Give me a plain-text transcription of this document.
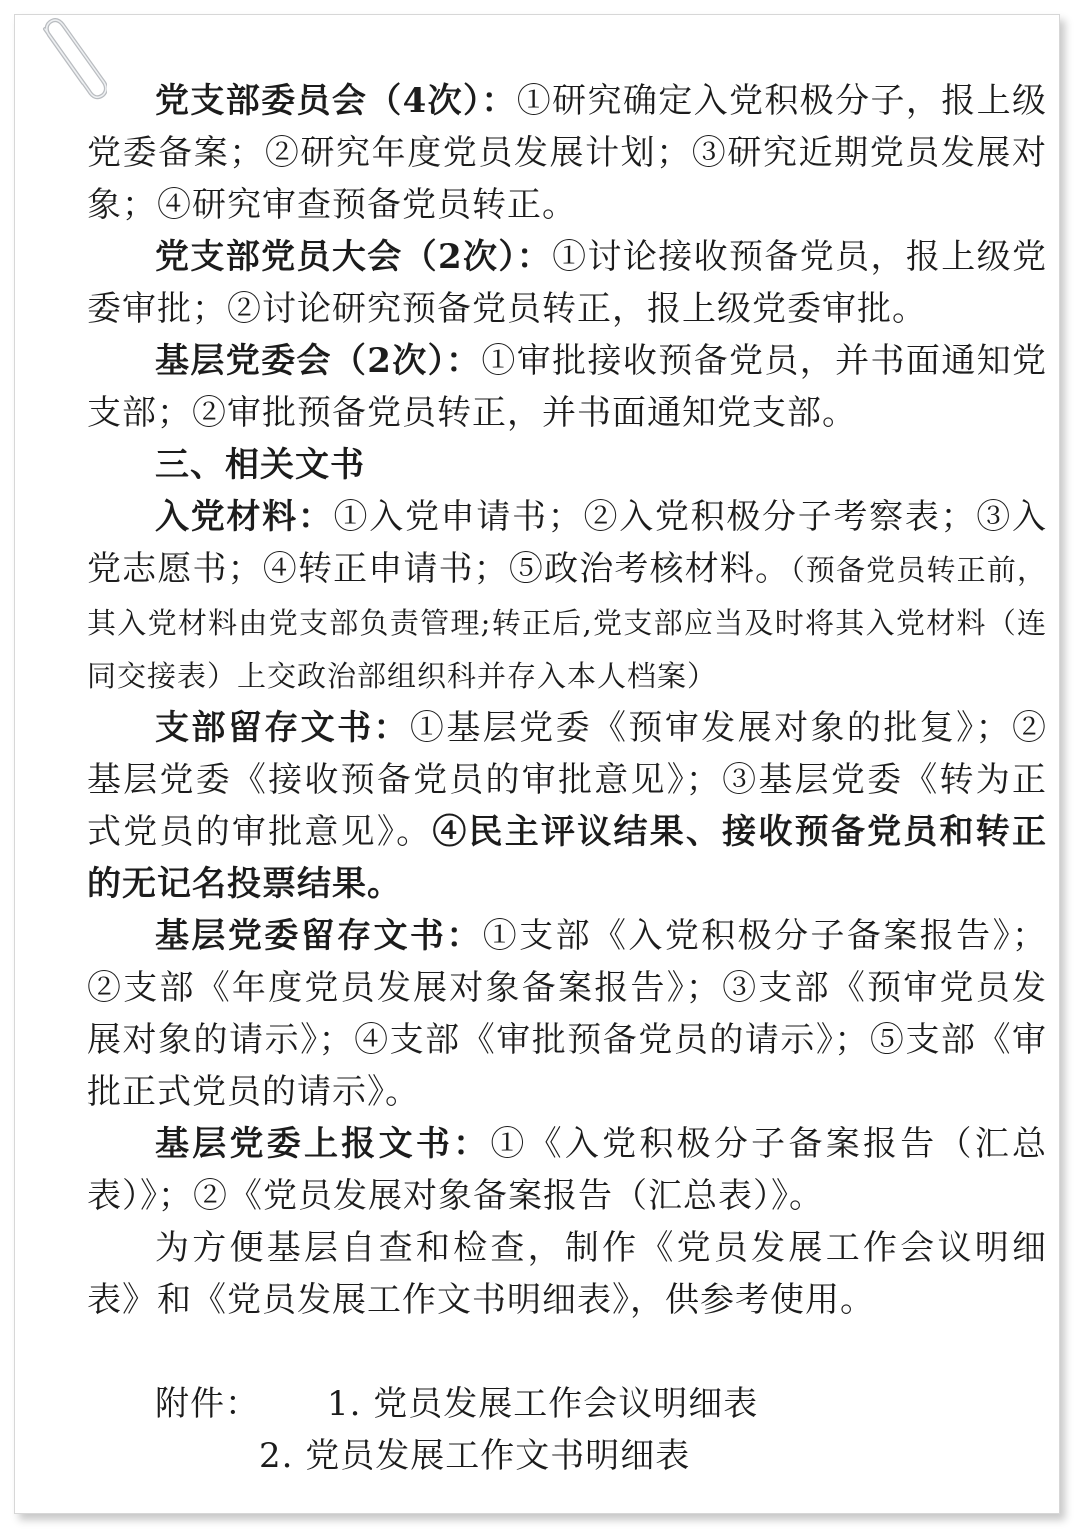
党支部委员会（4次）：①研究确定入党积极分子，报上级党委备案；②研究年度党员发展计划；③研究近期党员发展对象；④研究审查预备党员转正。

党支部党员大会（2次）：①讨论接收预备党员，报上级党委审批；②讨论研究预备党员转正，报上级党委审批。

基层党委会（2次）：①审批接收预备党员，并书面通知党支部；②审批预备党员转正，并书面通知党支部。

三、相关文书

入党材料：①入党申请书；②入党积极分子考察表；③入党志愿书；④转正申请书；⑤政治考核材料。（预备党员转正前，其入党材料由党支部负责管理;转正后,党支部应当及时将其入党材料（连同交接表）上交政治部组织科并存入本人档案）

支部留存文书：①基层党委《预审发展对象的批复》；②基层党委《接收预备党员的审批意见》；③基层党委《转为正式党员的审批意见》。④民主评议结果、接收预备党员和转正的无记名投票结果。

基层党委留存文书：①支部《入党积极分子备案报告》；②支部《年度党员发展对象备案报告》；③支部《预审党员发展对象的请示》；④支部《审批预备党员的请示》；⑤支部《审批正式党员的请示》。

基层党委上报文书：①《入党积极分子备案报告（汇总表）》；②《党员发展对象备案报告（汇总表）》。

为方便基层自查和检查，制作《党员发展工作会议明细表》和《党员发展工作文书明细表》，供参考使用。

附件： 1. 党员发展工作会议明细表

2. 党员发展工作文书明细表
